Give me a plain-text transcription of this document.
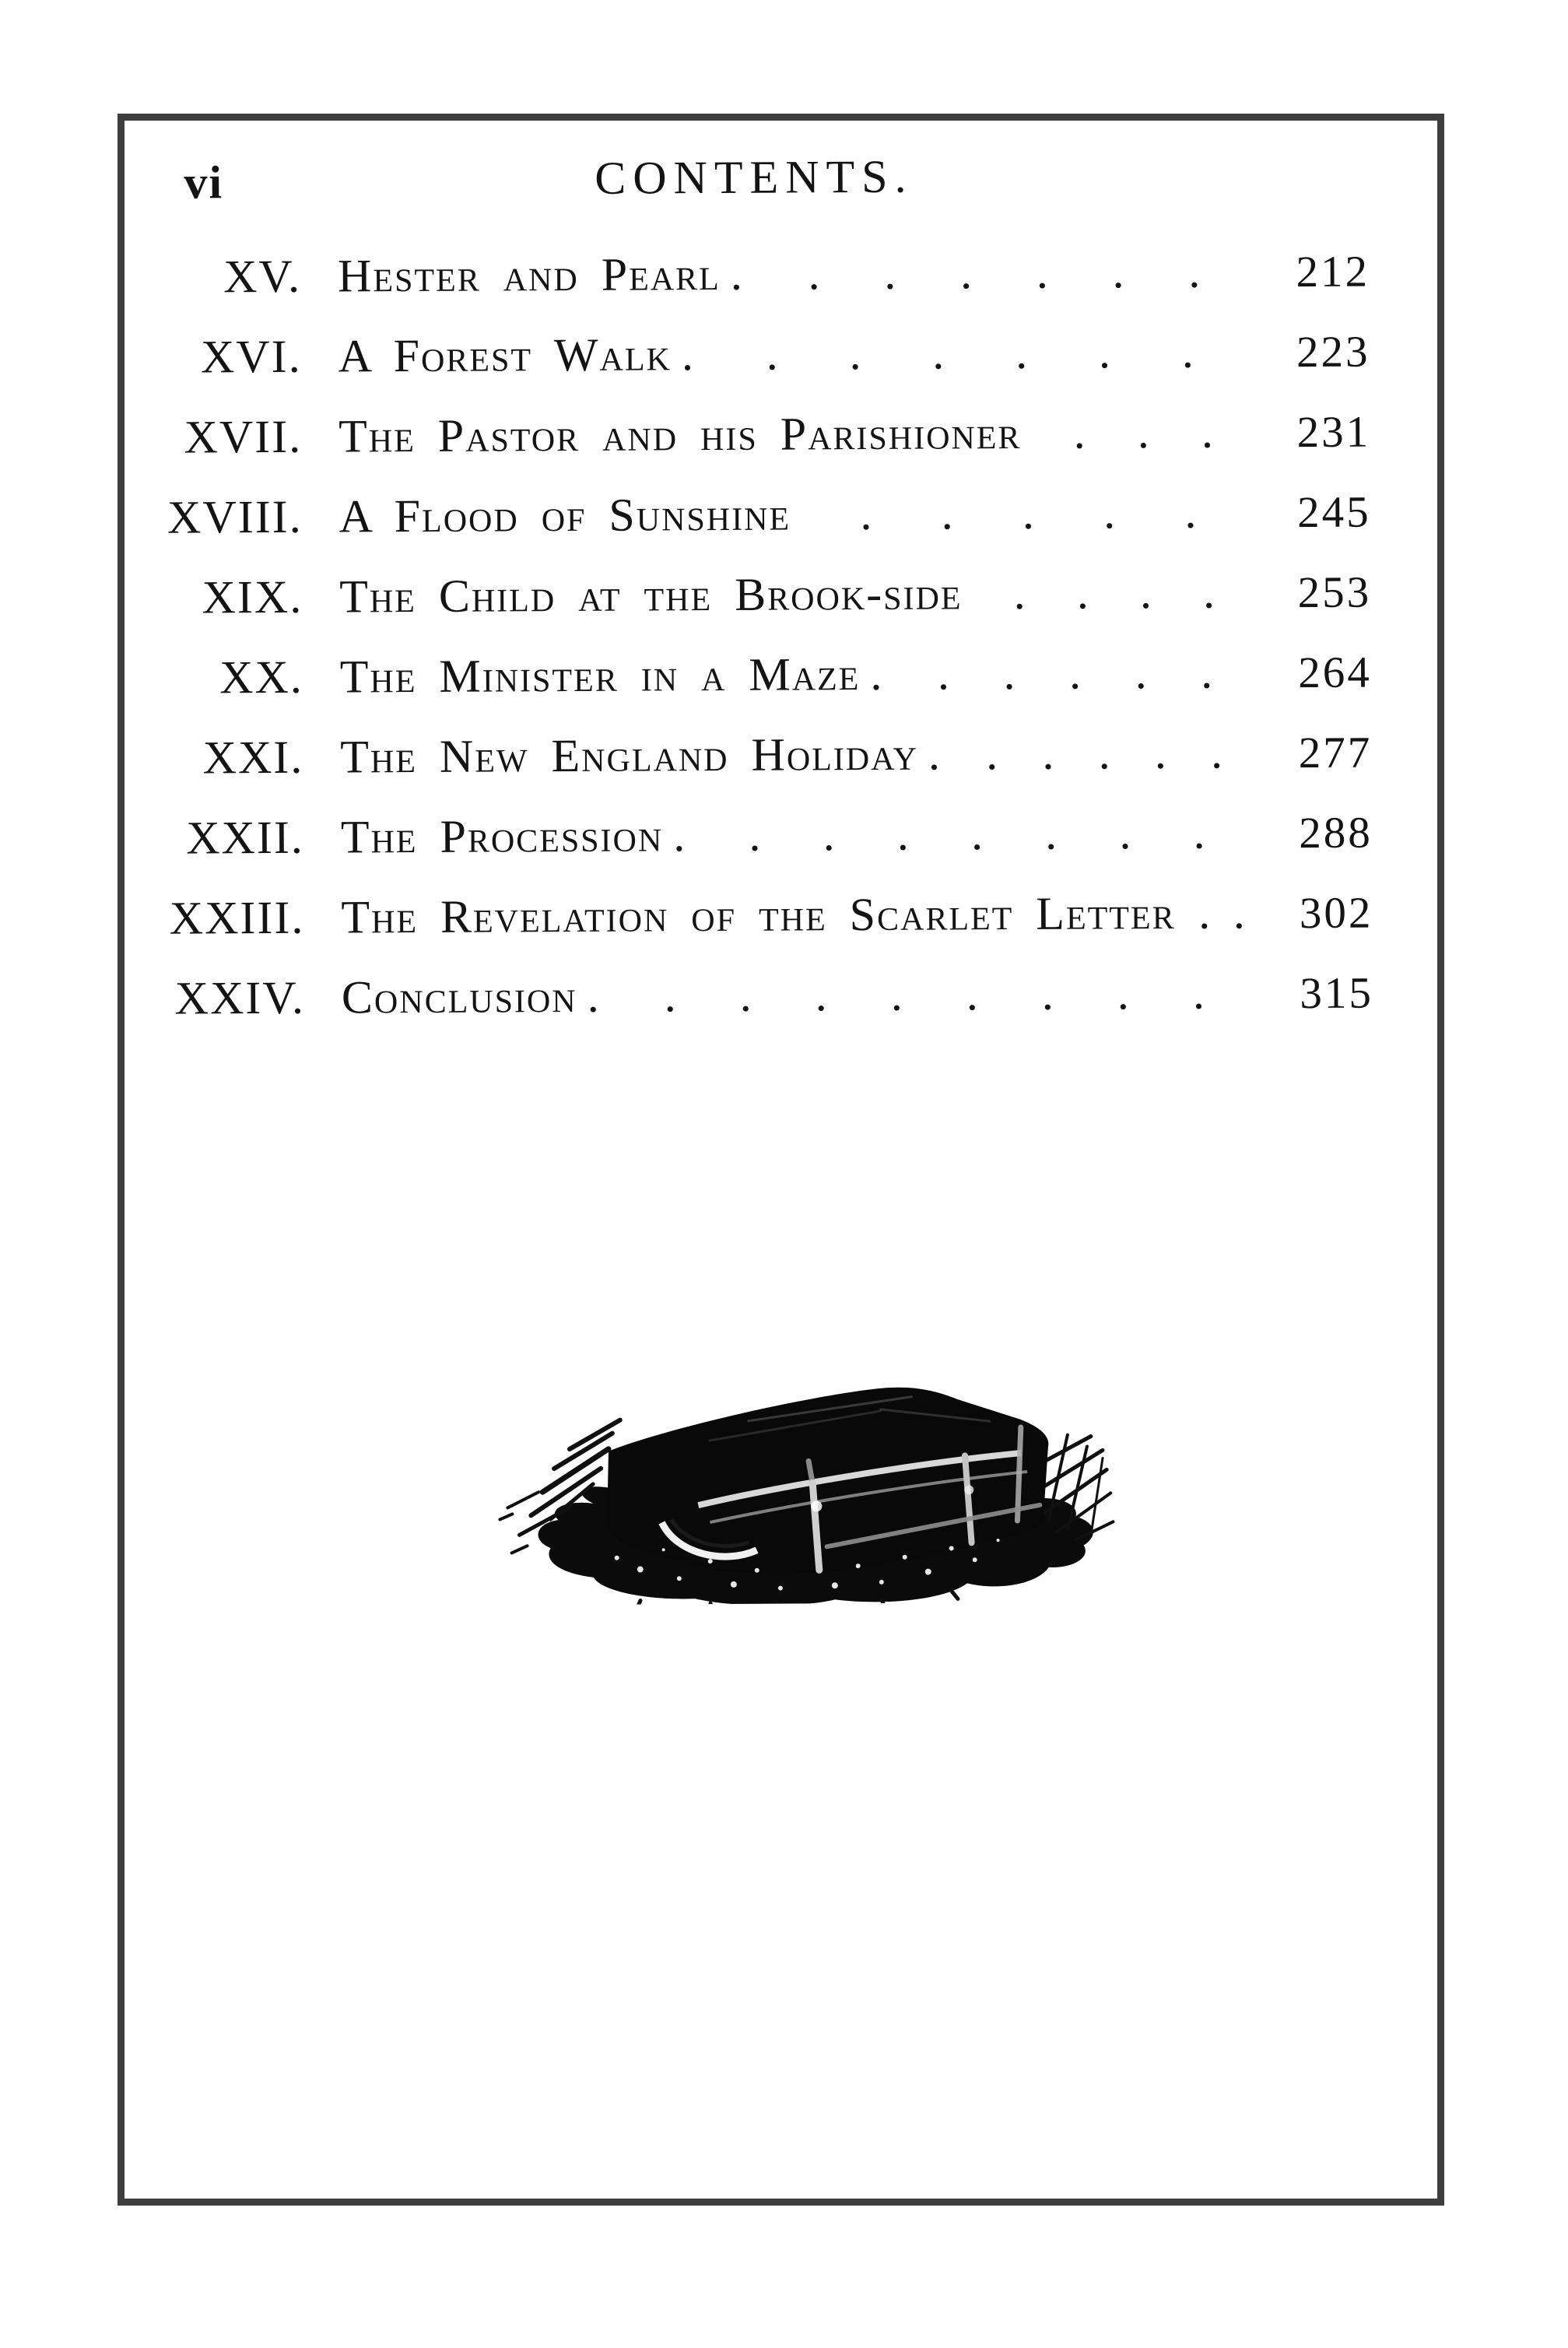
vi	CONTENTS.
XV. Hester and Pearl . . . . . . .	212
XVI. A Forest Walk . . . . . . .	223
XVII. The Pastor and his Parishioner . . .	231
XVIII. A Flood of Sunshine . . . . .	245
XIX. The Child at the Brook-side . . . .	253
XX. The Minister in a Maze . . . . . .	264
XXI. The New England Holiday . . . . . .	277
XXII. The Procession . . . . . . . .	288
XXIII. The Revelation of the Scarlet Letter . .	302
XXIV. Conclusion . . . . . . . . .	315
